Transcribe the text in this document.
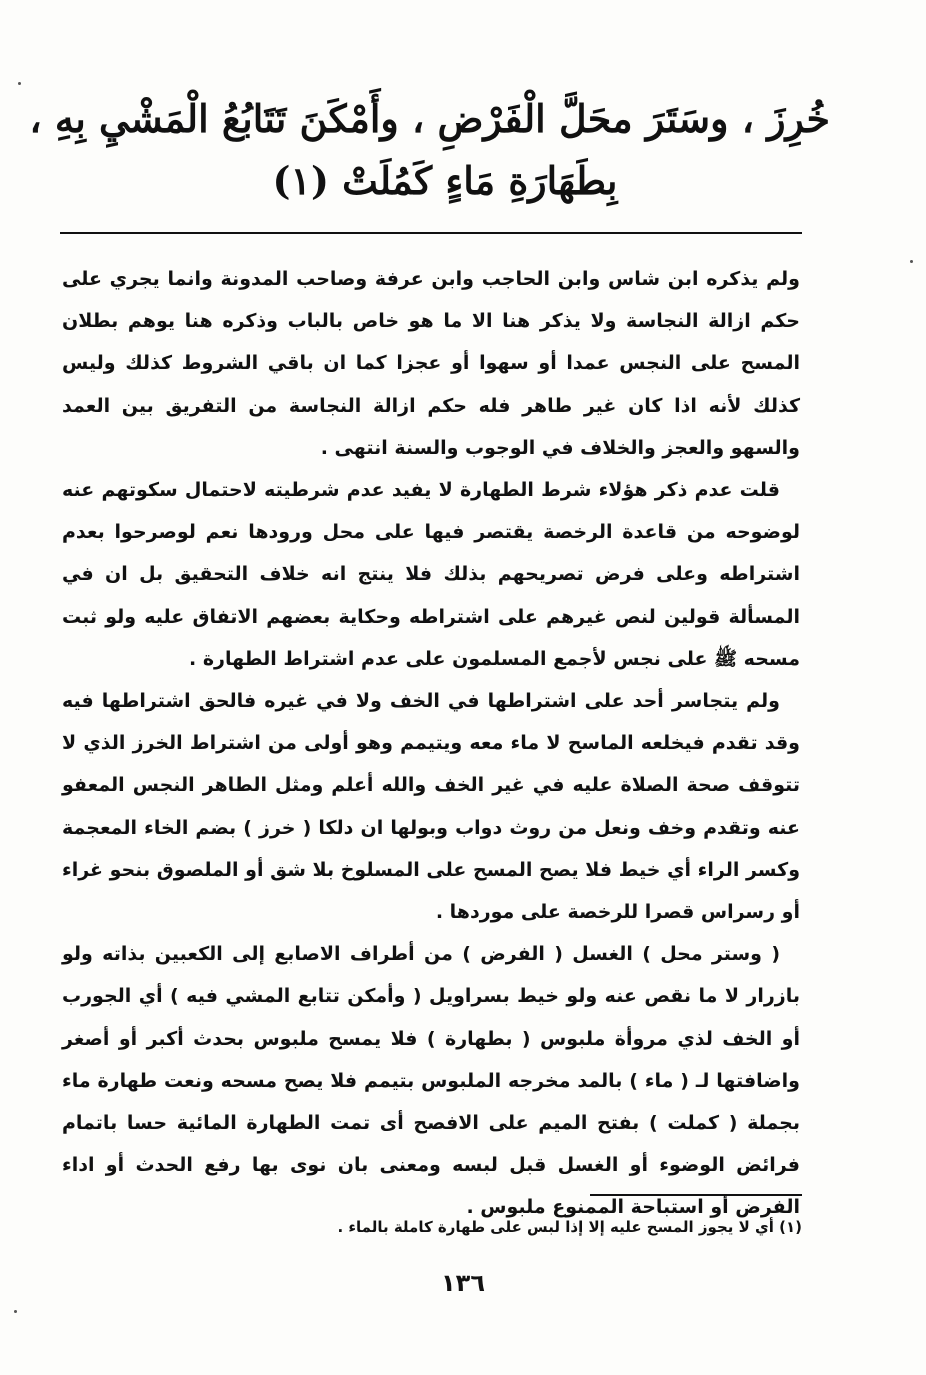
خُرِزَ ، وسَتَرَ محَلَّ الْفَرْضِ ، وأَمْكَنَ تَتَابُعُ الْمَشْيِ بِهِ ،
بِطَهَارَةِ مَاءٍ كَمُلَتْ (١)

ولم يذكره ابن شاس وابن الحاجب وابن عرفة وصاحب المدونة وانما يجري على حكم ازالة النجاسة ولا يذكر هنا الا ما هو خاص بالباب وذكره هنا يوهم بطلان المسح على النجس عمدا أو سهوا أو عجزا كما ان باقي الشروط كذلك وليس كذلك لأنه اذا كان غير طاهر فله حكم ازالة النجاسة من التفريق بين العمد والسهو والعجز والخلاف في الوجوب والسنة انتهى .

قلت عدم ذكر هؤلاء شرط الطهارة لا يفيد عدم شرطيته لاحتمال سكوتهم عنه لوضوحه من قاعدة الرخصة يقتصر فيها على محل ورودها نعم لوصرحوا بعدم اشتراطه وعلى فرض تصريحهم بذلك فلا ينتج انه خلاف التحقيق بل ان في المسألة قولين لنص غيرهم على اشتراطه وحكاية بعضهم الاتفاق عليه ولو ثبت مسحه ﷺ على نجس لأجمع المسلمون على عدم اشتراط الطهارة .

ولم يتجاسر أحد على اشتراطها في الخف ولا في غيره فالحق اشتراطها فيه وقد تقدم فيخلعه الماسح لا ماء معه ويتيمم وهو أولى من اشتراط الخرز الذي لا تتوقف صحة الصلاة عليه في غير الخف والله أعلم ومثل الطاهر النجس المعفو عنه وتقدم وخف ونعل من روث دواب وبولها ان دلكا ( خرز ) بضم الخاء المعجمة وكسر الراء أي خيط فلا يصح المسح على المسلوخ بلا شق أو الملصوق بنحو غراء أو رسراس قصرا للرخصة على موردها .

( وستر محل ) الغسل ( الفرض ) من أطراف الاصابع إلى الكعبين بذاته ولو بازرار لا ما نقص عنه ولو خيط بسراويل ( وأمكن تتابع المشي فيه ) أي الجورب أو الخف لذي مروأة ملبوس ( بطهارة ) فلا يمسح ملبوس بحدث أكبر أو أصغر واضافتها لـ ( ماء ) بالمد مخرجه الملبوس بتيمم فلا يصح مسحه ونعت طهارة ماء بجملة ( كملت ) بفتح الميم على الافصح أى تمت الطهارة المائية حسا باتمام فرائض الوضوء أو الغسل قبل لبسه ومعنى بان نوى بها رفع الحدث أو اداء الفرض أو استباحة الممنوع ملبوس .

(١) أي لا يجوز المسح عليه إلا إذا لبس على طهارة كاملة بالماء .
١٣٦
